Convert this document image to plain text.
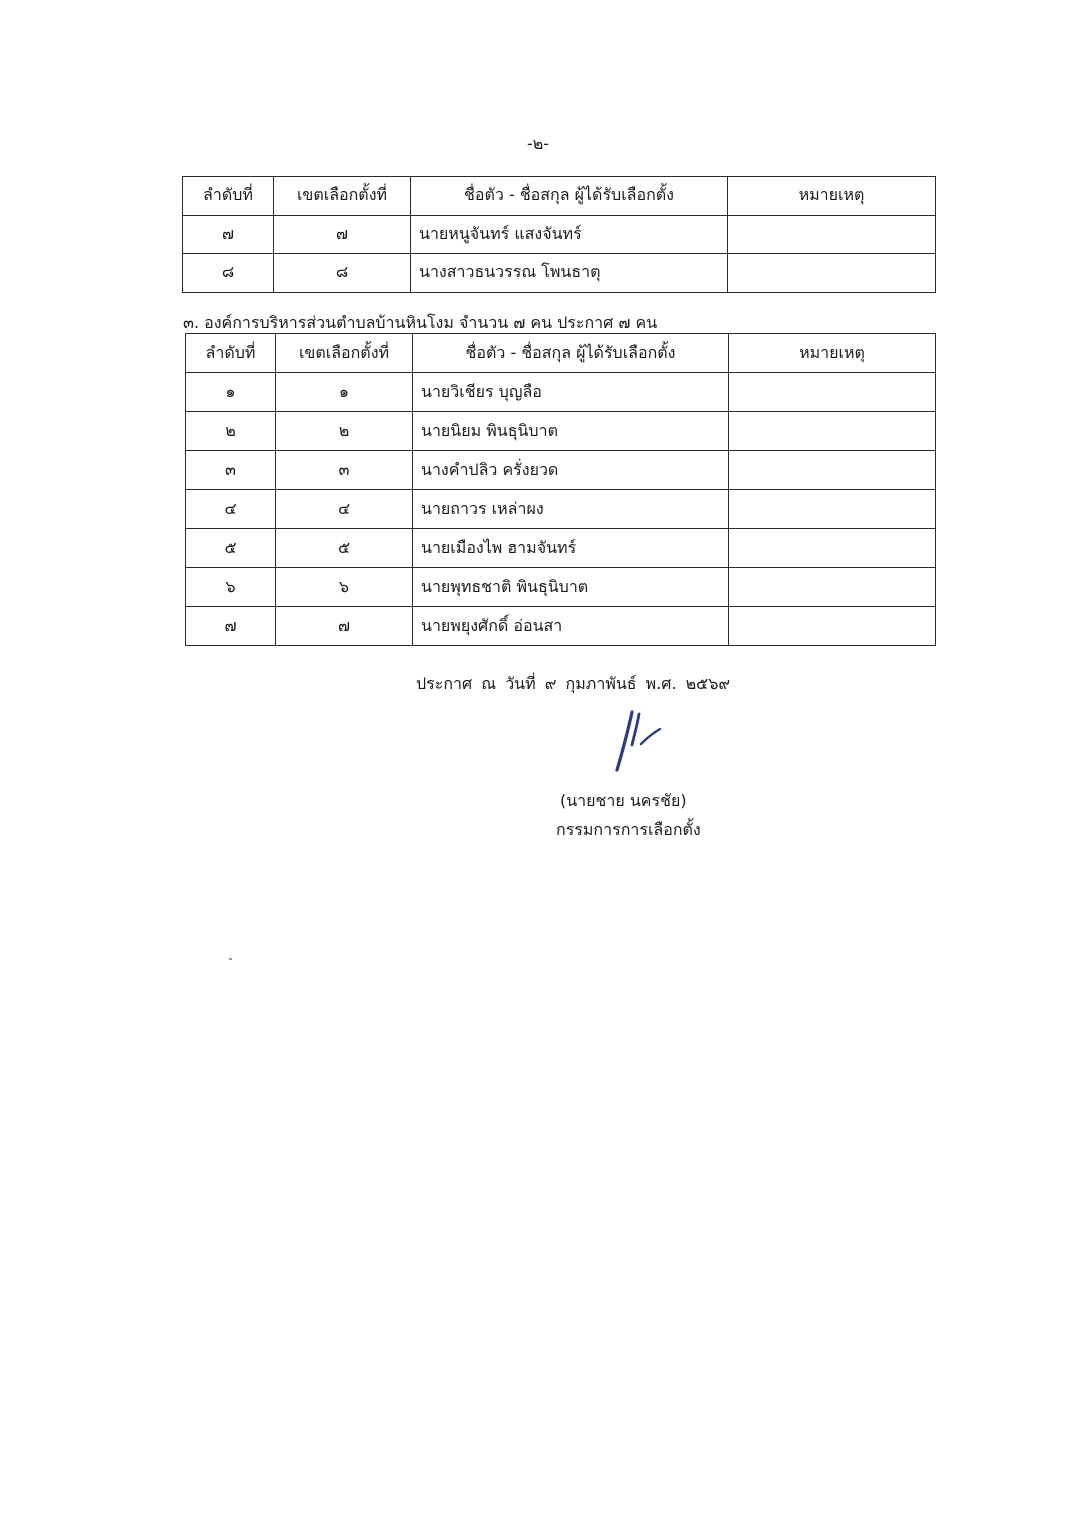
-๒-
ลำดับที่	เขตเลือกตั้งที่	ชื่อตัว - ชื่อสกุล ผู้ได้รับเลือกตั้ง	หมายเหตุ
๗	๗	นายหนูจันทร์ แสงจันทร์	
๘	๘	นางสาวธนวรรณ โพนธาตุ	
๓. องค์การบริหารส่วนตำบลบ้านหินโงม จำนวน ๗ คน ประกาศ ๗ คน
ลำดับที่	เขตเลือกตั้งที่	ชื่อตัว - ชื่อสกุล ผู้ได้รับเลือกตั้ง	หมายเหตุ
๑	๑	นายวิเชียร บุญลือ	
๒	๒	นายนิยม พินธุนิบาต	
๓	๓	นางคำปลิว ครั่งยวด	
๔	๔	นายถาวร เหล่าผง	
๕	๕	นายเมืองไพ ฮามจันทร์	
๖	๖	นายพุทธชาติ พินธุนิบาต	
๗	๗	นายพยุงศักดิ์ อ่อนสา	
ประกาศ ณ วันที่ ๙ กุมภาพันธ์ พ.ศ. ๒๕๖๙
(นายชาย นครชัย)
กรรมการการเลือกตั้ง
